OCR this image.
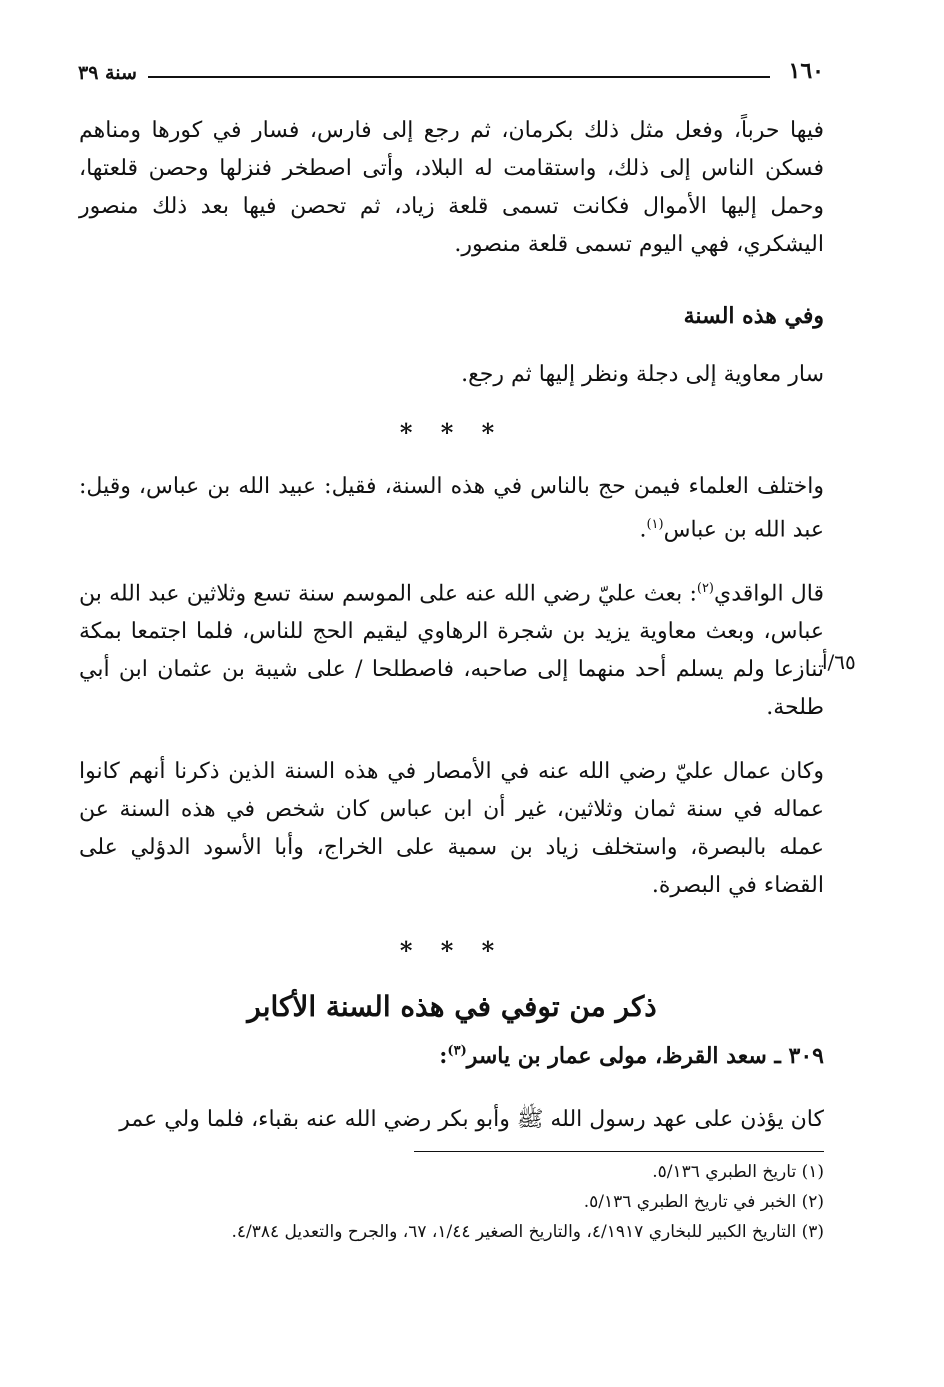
١٦٠
سنة ٣٩

فيها حرباً، وفعل مثل ذلك بكرمان، ثم رجع إلى فارس، فسار في كورها ومناهم فسكن الناس إلى ذلك، واستقامت له البلاد، وأتى اصطخر فنزلها وحصن قلعتها، وحمل إليها الأموال فكانت تسمى قلعة زياد، ثم تحصن فيها بعد ذلك منصور اليشكري، فهي اليوم تسمى قلعة منصور.

وفي هذه السنة

سار معاوية إلى دجلة ونظر إليها ثم رجع.

* * *

واختلف العلماء فيمن حج بالناس في هذه السنة، فقيل: عبيد الله بن عباس، وقيل: عبد الله بن عباس$^{(١)}$.

قال الواقدي$^{(٢)}$: بعث عليّ رضي الله عنه على الموسم سنة تسع وثلاثين عبد الله بن عباس، وبعث معاوية يزيد بن شجرة الرهاوي ليقيم الحج للناس، فلما اجتمعا بمكة تنازعا ولم يسلم أحد منهما إلى صاحبه، فاصطلحا / على شيبة بن عثمان ابن أبي طلحة.

٦٥/أ

وكان عمال عليّ رضي الله عنه في الأمصار في هذه السنة الذين ذكرنا أنهم كانوا عماله في سنة ثمان وثلاثين، غير أن ابن عباس كان شخص في هذه السنة عن عمله بالبصرة، واستخلف زياد بن سمية على الخراج، وأبا الأسود الدؤلي على القضاء في البصرة.

* * *
ذكر من توفي في هذه السنة الأكابر
٣٠٩ ـ سعد القرظ، مولى عمار بن ياسر$^{(٣)}$:

كان يؤذن على عهد رسول الله ﷺ وأبو بكر رضي الله عنه بقباء، فلما ولي عمر

(١) تاريخ الطبري ٥/١٣٦.

(٢) الخبر في تاريخ الطبري ٥/١٣٦.

(٣) التاريخ الكبير للبخاري ٤/١٩١٧، والتاريخ الصغير ١/٤٤، ٦٧، والجرح والتعديل ٤/٣٨٤.
